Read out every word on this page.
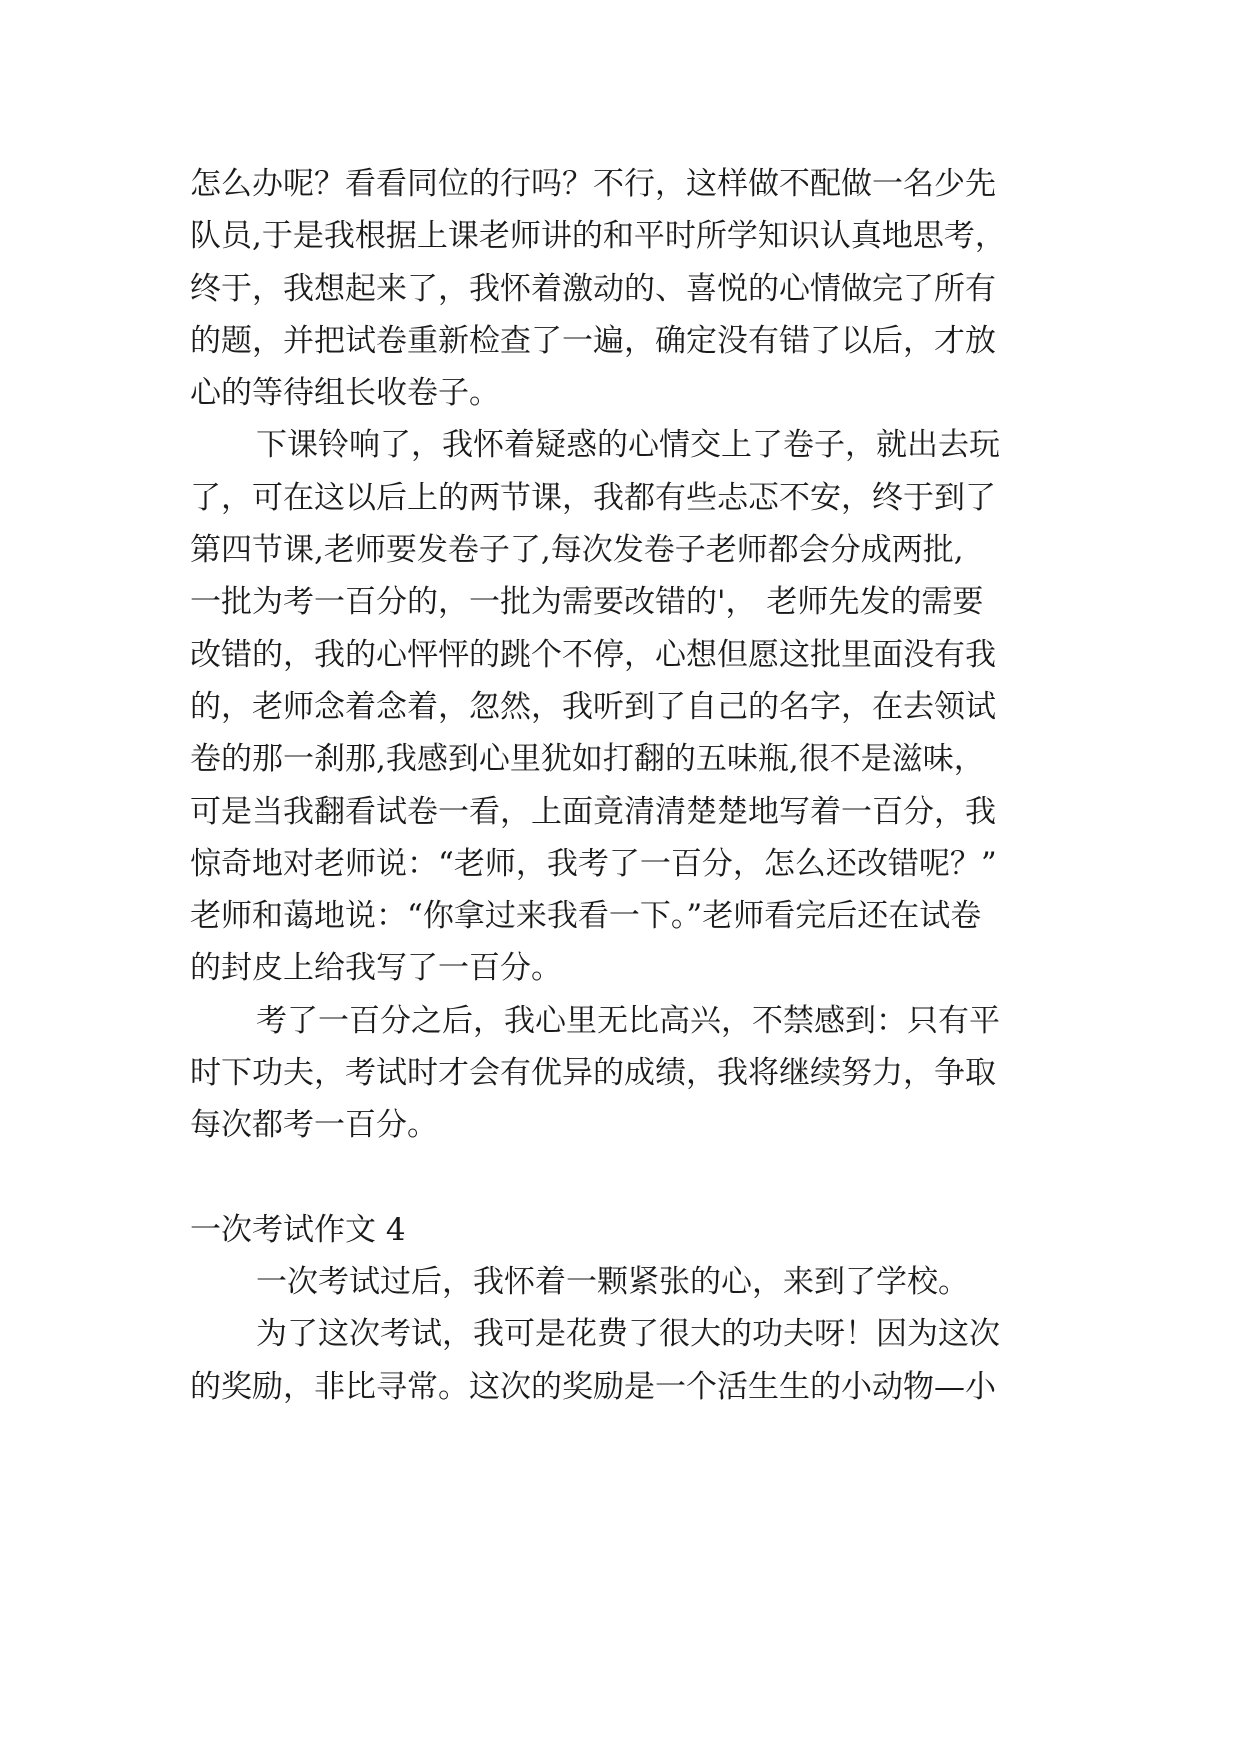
怎么办呢？看看同位的行吗？不行，这样做不配做一名少先
队员,于是我根据上课老师讲的和平时所学知识认真地思考，
终于，我想起来了，我怀着激动的、喜悦的心情做完了所有
的题，并把试卷重新检查了一遍，确定没有错了以后，才放
心的等待组长收卷子。
下课铃响了，我怀着疑惑的心情交上了卷子，就出去玩
了，可在这以后上的两节课，我都有些忐忑不安，终于到了
第四节课,老师要发卷子了,每次发卷子老师都会分成两批,
一批为考一百分的，一批为需要改错的'， 老师先发的需要
改错的，我的心怦怦的跳个不停，心想但愿这批里面没有我
的，老师念着念着，忽然，我听到了自己的名字，在去领试
卷的那一刹那,我感到心里犹如打翻的五味瓶,很不是滋味，
可是当我翻看试卷一看，上面竟清清楚楚地写着一百分，我
惊奇地对老师说：“老师，我考了一百分，怎么还改错呢？”
老师和蔼地说：“你拿过来我看一下。”老师看完后还在试卷
的封皮上给我写了一百分。
考了一百分之后，我心里无比高兴，不禁感到：只有平
时下功夫，考试时才会有优异的成绩，我将继续努力，争取
每次都考一百分。
一次考试作文 4
一次考试过后，我怀着一颗紧张的心，来到了学校。
为了这次考试，我可是花费了很大的功夫呀！因为这次
的奖励，非比寻常。这次的奖励是一个活生生的小动物—小
